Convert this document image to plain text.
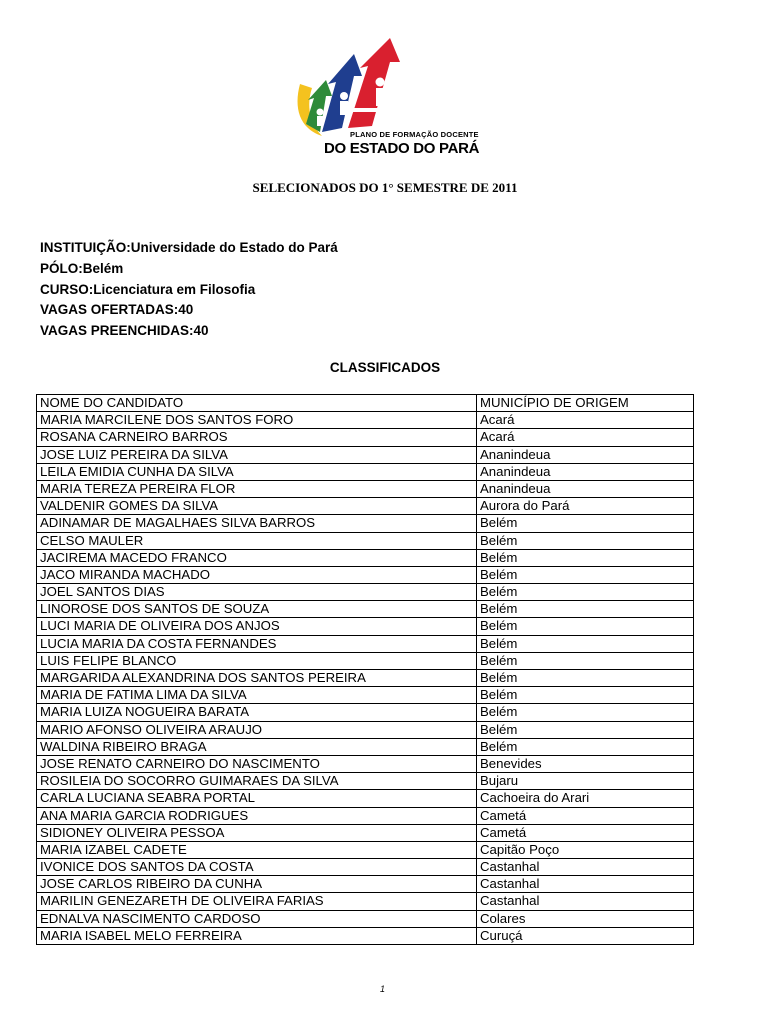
PLANO DE FORMAÇÃO DOCENTE
DO ESTADO DO PARÁ
SELECIONADOS DO 1° SEMESTRE DE 2011
INSTITUIÇÃO:Universidade do Estado do Pará
PÓLO:Belém
CURSO:Licenciatura em Filosofia
VAGAS OFERTADAS:40
VAGAS PREENCHIDAS:40
CLASSIFICADOS
NOME DO CANDIDATO	MUNICÍPIO DE ORIGEM
MARIA MARCILENE DOS SANTOS FORO	Acará
ROSANA CARNEIRO BARROS	Acará
JOSE LUIZ PEREIRA DA SILVA	Ananindeua
LEILA EMIDIA CUNHA DA SILVA	Ananindeua
MARIA TEREZA PEREIRA FLOR	Ananindeua
VALDENIR GOMES DA SILVA	Aurora do Pará
ADINAMAR DE MAGALHAES SILVA BARROS	Belém
CELSO MAULER	Belém
JACIREMA MACEDO FRANCO	Belém
JACO MIRANDA MACHADO	Belém
JOEL SANTOS DIAS	Belém
LINOROSE DOS SANTOS DE SOUZA	Belém
LUCI MARIA DE OLIVEIRA DOS ANJOS	Belém
LUCIA MARIA DA COSTA FERNANDES	Belém
LUIS FELIPE BLANCO	Belém
MARGARIDA ALEXANDRINA DOS SANTOS PEREIRA	Belém
MARIA DE FATIMA LIMA DA SILVA	Belém
MARIA LUIZA NOGUEIRA BARATA	Belém
MARIO AFONSO OLIVEIRA ARAUJO	Belém
WALDINA RIBEIRO BRAGA	Belém
JOSE RENATO CARNEIRO DO NASCIMENTO	Benevides
ROSILEIA DO SOCORRO GUIMARAES DA SILVA	Bujaru
CARLA LUCIANA SEABRA PORTAL	Cachoeira do Arari
ANA MARIA GARCIA RODRIGUES	Cametá
SIDIONEY OLIVEIRA PESSOA	Cametá
MARIA IZABEL CADETE	Capitão Poço
IVONICE DOS SANTOS DA COSTA	Castanhal
JOSE CARLOS RIBEIRO DA CUNHA	Castanhal
MARILIN GENEZARETH DE OLIVEIRA FARIAS	Castanhal
EDNALVA NASCIMENTO CARDOSO	Colares
MARIA ISABEL MELO FERREIRA	Curuçá
1
